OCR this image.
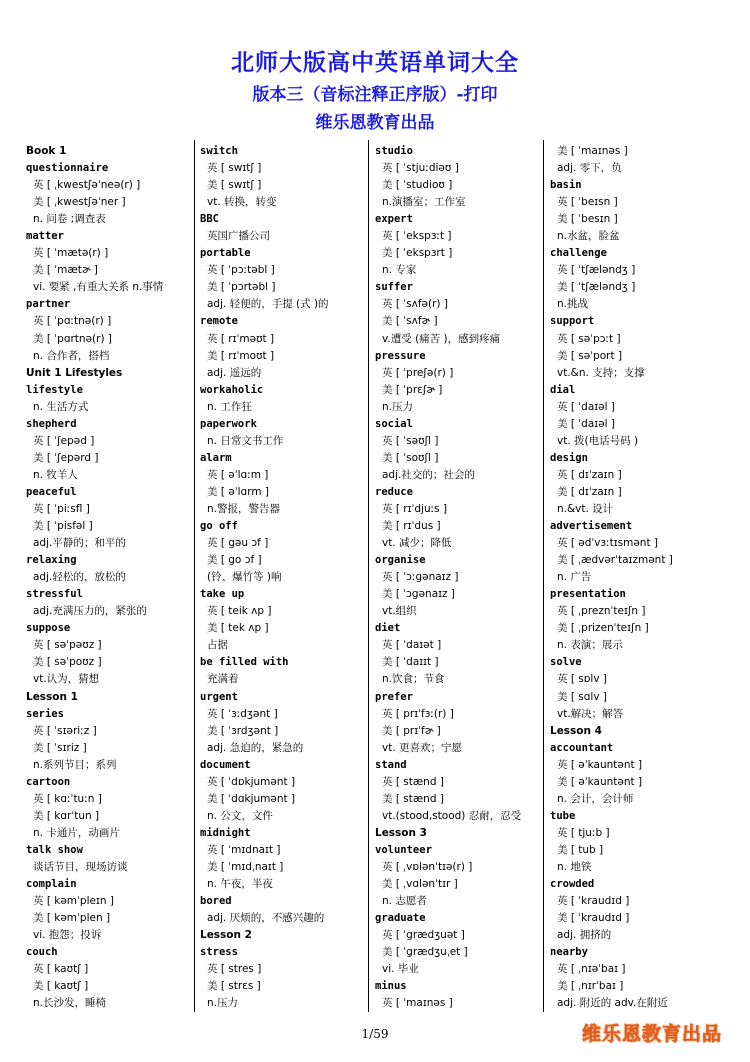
北师大版高中英语单词大全
版本三（音标注释正序版）-打印
维乐恩教育出品
Book 1
questionnaire
英 [ ˌkwestʃəˈneə(r) ]
美 [ ˌkwestʃəˈner ]
n. 问卷 ;调查表
matter
英 [ ˈmætə(r) ]
美 [ ˈmætɚ ]
vi. 要紧 ,有重大关系 n.事情
partner
英 [ ˈpɑːtnə(r) ]
美 [ ˈpɑrtnə(r) ]
n. 合作者，搭档
Unit 1 Lifestyles
lifestyle
n. 生活方式
shepherd
英 [ ˈʃepəd ]
美 [ ˈʃepərd ]
n. 牧羊人
peaceful
英 [ ˈpiːsfl ]
美 [ ˈpisfəl ]
adj.平静的；和平的
relaxing
adj.轻松的，放松的
stressful
adj.充满压力的，紧张的
suppose
英 [ səˈpəʊz ]
美 [ səˈpoʊz ]
vt.认为，猜想
Lesson 1
series
英 [ ˈsɪəriːz ]
美 [ ˈsɪriz ]
n.系列节目；系列
cartoon
英 [ kɑːˈtuːn ]
美 [ kɑrˈtun ]
n. 卡通片，动画片
talk show
谈话节目，现场访谈
complain
英 [ kəmˈpleɪn ]
美 [ kəmˈplen ]
vi. 抱怨；投诉
couch
英 [ kaʊtʃ ]
美 [ kaʊtʃ ]
n.长沙发，睡椅
switch
英 [ swɪtʃ ]
美 [ swɪtʃ ]
vt. 转换，转变
BBC
英国广播公司
portable
英 [ ˈpɔːtəbl ]
美 [ ˈpɔrtəbl ]
adj. 轻便的，手提 (式 )的
remote
英 [ rɪˈməʊt ]
美 [ rɪˈmoʊt ]
adj. 遥远的
workaholic
n. 工作狂
paperwork
n. 日常文书工作
alarm
英 [ əˈlɑːm ]
美 [ əˈlɑrm ]
n.警报，警告器
go off
英 [ gəu ɔf ]
美 [ go ɔf ]
(铃、爆竹等 )响
take up
英 [ teik ʌp ]
美 [ tek ʌp ]
占据
be filled with
充满着
urgent
英 [ ˈɜːdʒənt ]
美 [ ˈɜrdʒənt ]
adj. 急迫的，紧急的
document
英 [ ˈdɒkjumənt ]
美 [ ˈdɑkjumənt ]
n. 公文，文件
midnight
英 [ ˈmɪdnaɪt ]
美 [ ˈmɪdˌnaɪt ]
n. 午夜，半夜
bored
adj. 厌烦的，不感兴趣的
Lesson 2
stress
英 [ stres ]
美 [ strɛs ]
n.压力
studio
英 [ ˈstjuːdiəʊ ]
美 [ ˈstudioʊ ]
n.演播室；工作室
expert
英 [ ˈekspɜːt ]
美 [ ˈekspɜrt ]
n. 专家
suffer
英 [ ˈsʌfə(r) ]
美 [ ˈsʌfɚ ]
v.遭受 (痛苦 )，感到疼痛
pressure
英 [ ˈpreʃə(r) ]
美 [ ˈprɛʃɚ ]
n.压力
social
英 [ ˈsəʊʃl ]
美 [ ˈsoʊʃl ]
adj.社交的；社会的
reduce
英 [ rɪˈdjuːs ]
美 [ rɪˈdus ]
vt. 减少；降低
organise
英 [ ˈɔːgənaɪz ]
美 [ ˈɔgənaɪz ]
vt.组织
diet
英 [ ˈdaɪət ]
美 [ ˈdaɪɪt ]
n.饮食；节食
prefer
英 [ prɪˈfɜː(r) ]
美 [ prɪˈfɚ ]
vt. 更喜欢；宁愿
stand
英 [ stænd ]
美 [ stænd ]
vt.(stood,stood) 忍耐，忍受
Lesson 3
volunteer
英 [ ˌvɒlənˈtɪə(r) ]
美 [ ˌvɑlənˈtɪr ]
n. 志愿者
graduate
英 [ ˈgrædʒuət ]
美 [ ˈgrædʒuˌet ]
vi. 毕业
minus
英 [ ˈmaɪnəs ]
美 [ ˈmaɪnəs ]
adj. 零下，负
basin
英 [ ˈbeɪsn ]
美 [ ˈbesɪn ]
n.水盆，脸盆
challenge
英 [ ˈtʃæləndʒ ]
美 [ ˈtʃæləndʒ ]
n.挑战
support
英 [ səˈpɔːt ]
美 [ səˈport ]
vt.&n. 支持；支撑
dial
英 [ ˈdaɪəl ]
美 [ ˈdaɪəl ]
vt. 拨(电话号码 )
design
英 [ dɪˈzaɪn ]
美 [ dɪˈzaɪn ]
n.&vt. 设计
advertisement
英 [ ədˈvɜːtɪsmənt ]
美 [ ˌædvərˈtaɪzmənt ]
n. 广告
presentation
英 [ ˌpreznˈteɪʃn ]
美 [ ˌprizenˈteɪʃn ]
n. 表演；展示
solve
英 [ sɒlv ]
美 [ sɑlv ]
vt.解决；解答
Lesson 4
accountant
英 [ əˈkauntənt ]
美 [ əˈkauntənt ]
n. 会计，会计师
tube
英 [ tjuːb ]
美 [ tub ]
n. 地铁
crowded
英 [ ˈkraudɪd ]
美 [ ˈkraudɪd ]
adj. 拥挤的
nearby
英 [ ˌnɪəˈbaɪ ]
美 [ ˌnɪrˈbaɪ ]
adj. 附近的 adv.在附近
1/59	维乐恩教育出品
